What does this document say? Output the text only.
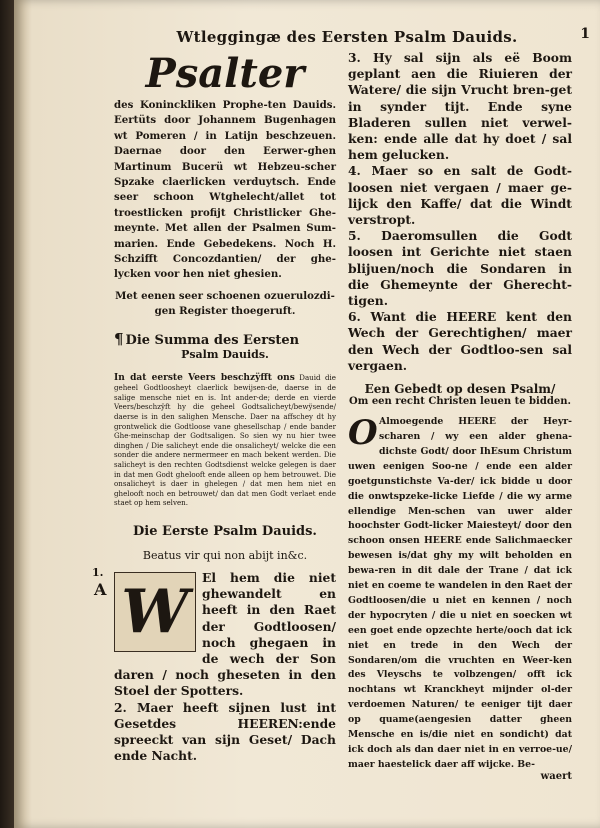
Wtleggingæ des Eersten Psalm Dauids.	1
1.
A
Psalter
des Koninckliken Prophe-ten Dauids. Eertüts door Johannem Bugenhagen wt Pomeren / in Latijn beschzeuen. Daernae door den Eerwer-ghen Martinum Bucerü wt Hebzeu-scher Spzake claerlicken verduytsch. Ende seer schoon Wtghelecht/allet tot troestlicken profijt Christlicker Ghe-meynte. Met allen der Psalmen Sum-marien. Ende Gebedekens. Noch H. Schzifft Concozdantien/ der ghe-lycken voor hen niet ghesien.
Met eenen seer schoenen ozuerulozdi-gen Register thoegeruft.
¶ Die Summa des Eersten
Psalm Dauids.
In dat eerste Veers beschzÿfft ons Dauid die geheel Godtloosheyt claerlick bewijsen-de, daerse in de salige mensche niet en is. Int ander-de; derde en vierde Veers/beschzÿft hy die geheel Godtsalicheyt/bewÿsende/ daerse is in den salighen Mensche. Daer na affschey dt hy grontwelick die Godtloose vane ghesellschap / ende bander Ghe-meinschap der Godtsaligen. So sien wy nu hier twee dinghen / Die salicheyt ende die onsalicheyt/ welcke die een sonder die andere nermermeer en mach bekent werden. Die salicheyt is den rechten Godtsdienst welcke gelegen is daer in dat men Godt ghelooft ende alleen op hem betrouwet. Die onsalicheyt is daer in ghelegen / dat men hem niet en ghelooft noch en betrouwet/ dan dat men Godt verlaet ende staet op hem selven.
Die Eerste Psalm Dauids.
Beatus vir qui non abijt in&c.
W	El hem die niet ghewandelt en heeft in den Raet der Godtloosen/ noch ghegaen in de wech der Son daren / noch gheseten in den Stoel der Spotters.
2. Maer heeft sijnen lust int Gesetdes HEEREN:ende spreeckt van sijn Geset/ Dach ende Nacht.
3. Hy sal sijn als eë Boom geplant aen die Riuieren der Watere/ die sijn Vrucht bren-get in synder tijt. Ende syne Bladeren sullen niet verwel-ken: ende alle dat hy doet / sal hem gelucken.
4. Maer so en salt de Godt-loosen niet vergaen / maer ge-lijck den Kaffe/ dat die Windt verstropt.
5. Daeromsullen die Godt loosen int Gerichte niet staen blijuen/noch die Sondaren in die Ghemeynte der Gherecht-tigen.
6. Want die HEERE kent den Wech der Gerechtighen/ maer den Wech der Godtloo-sen sal vergaen.
Een Gebedt op desen Psalm/
Om een recht Christen leuen te bidden.
O Almoegende HEERE der Heyr-scharen / wy een alder ghena-dichste Godt/ door IhEsum Christum uwen eenigen Soo-ne / ende een alder goetgunstichste Va-der/ ick bidde u door die onwtspzeke-licke Liefde / die wy arme ellendige Men-schen van uwer alder hoochster Godt-licker Maiesteyt/ door den schoon onsen HEERE ende Salichmaecker bewesen is/dat ghy my wilt beholden en bewa-ren in dit dale der Trane / dat ick niet en coeme te wandelen in den Raet der Godtloosen/die u niet en kennen / noch der hypocryten / die u niet en soecken wt een goet ende opzechte herte/ooch dat ick niet en trede in den Wech der Sondaren/om die vruchten en Weer-ken des Vleyschs te volbzengen/ offt ick nochtans wt Kranckheyt mijnder ol-der verdoemen Naturen/ te eeniger tijt daer op quame(aengesien datter gheen Mensche en is/die niet en sondicht) dat ick doch als dan daer niet in en verroe-ue/ maer haestelick daer aff wijcke. Be-
waert
